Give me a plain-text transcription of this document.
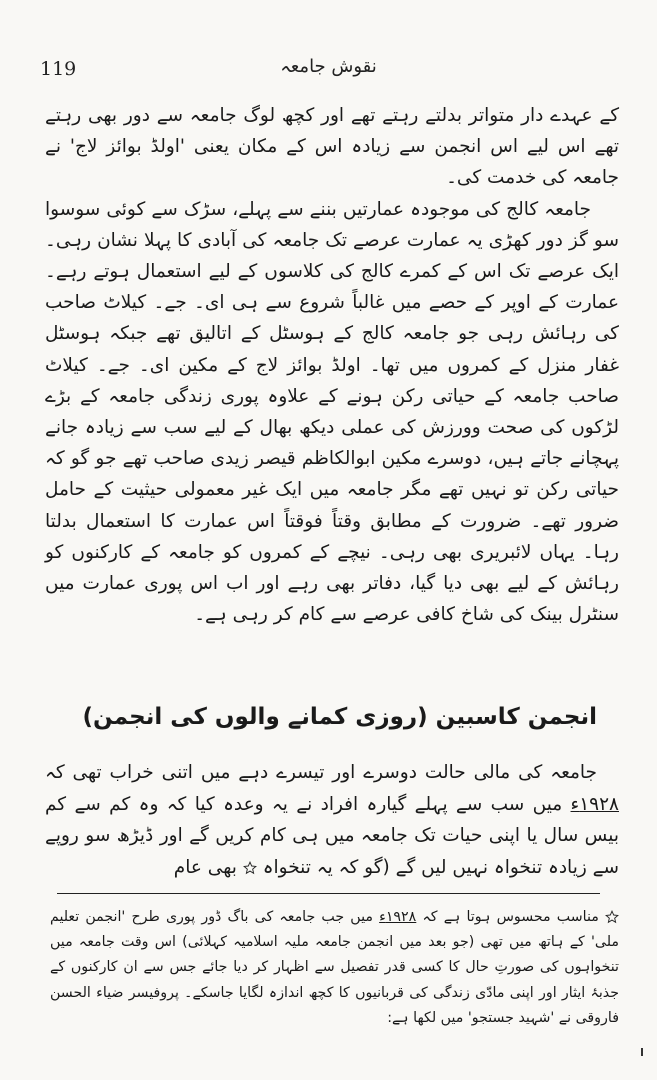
119	نقوش جامعہ

کے عہدے دار متواتر بدلتے رہتے تھے اور کچھ لوگ جامعہ سے دور بھی رہتے تھے اس لیے اس انجمن سے زیادہ اس کے مکان یعنی 'اولڈ بوائز لاج' نے جامعہ کی خدمت کی۔

جامعہ کالج کی موجودہ عمارتیں بننے سے پہلے، سڑک سے کوئی سوسوا سو گز دور کھڑی یہ عمارت عرصے تک جامعہ کی آبادی کا پہلا نشان رہی۔ ایک عرصے تک اس کے کمرے کالج کی کلاسوں کے لیے استعمال ہوتے رہے۔ عمارت کے اوپر کے حصے میں غالباً شروع سے ہی ای۔ جے۔ کیلاٹ صاحب کی رہائش رہی جو جامعہ کالج کے ہوسٹل کے اتالیق تھے جبکہ ہوسٹل غفار منزل کے کمروں میں تھا۔ اولڈ بوائز لاج کے مکین ای۔ جے۔ کیلاٹ صاحب جامعہ کے حیاتی رکن ہونے کے علاوہ پوری زندگی جامعہ کے بڑے لڑکوں کی صحت وورزش کی عملی دیکھ بھال کے لیے سب سے زیادہ جانے پہچانے جاتے ہیں، دوسرے مکین ابوالکاظم قیصر زیدی صاحب تھے جو گو کہ حیاتی رکن تو نہیں تھے مگر جامعہ میں ایک غیر معمولی حیثیت کے حامل ضرور تھے۔ ضرورت کے مطابق وقتاً فوقتاً اس عمارت کا استعمال بدلتا رہا۔ یہاں لائبریری بھی رہی۔ نیچے کے کمروں کو جامعہ کے کارکنوں کو رہائش کے لیے بھی دیا گیا، دفاتر بھی رہے اور اب اس پوری عمارت میں سنٹرل بینک کی شاخ کافی عرصے سے کام کر رہی ہے۔

انجمن کاسبین (روزی کمانے والوں کی انجمن)

جامعہ کی مالی حالت دوسرے اور تیسرے دہے میں اتنی خراب تھی کہ ۱۹۲۸ء میں سب سے پہلے گیارہ افراد نے یہ وعدہ کیا کہ وہ کم سے کم بیس سال یا اپنی حیات تک جامعہ میں ہی کام کریں گے اور ڈیڑھ سو روپے سے زیادہ تنخواہ نہیں لیں گے (گو کہ یہ تنخواہ
بھی عام

مناسب محسوس ہوتا ہے کہ ۱۹۲۸ء میں جب جامعہ کی باگ ڈور پوری طرح 'انجمن تعلیم ملی' کے ہاتھ میں تھی (جو بعد میں انجمن جامعہ ملیہ اسلامیہ کہلائی) اس وقت جامعہ میں تنخواہوں کی صورتِ حال کا کسی قدر تفصیل سے اظہار کر دیا جائے جس سے ان کارکنوں کے جذبۂ ایثار اور اپنی مادّی زندگی کی قربانیوں کا کچھ اندازہ لگایا جاسکے۔ پروفیسر ضیاء الحسن فاروقی نے 'شہید جستجو' میں لکھا ہے:
